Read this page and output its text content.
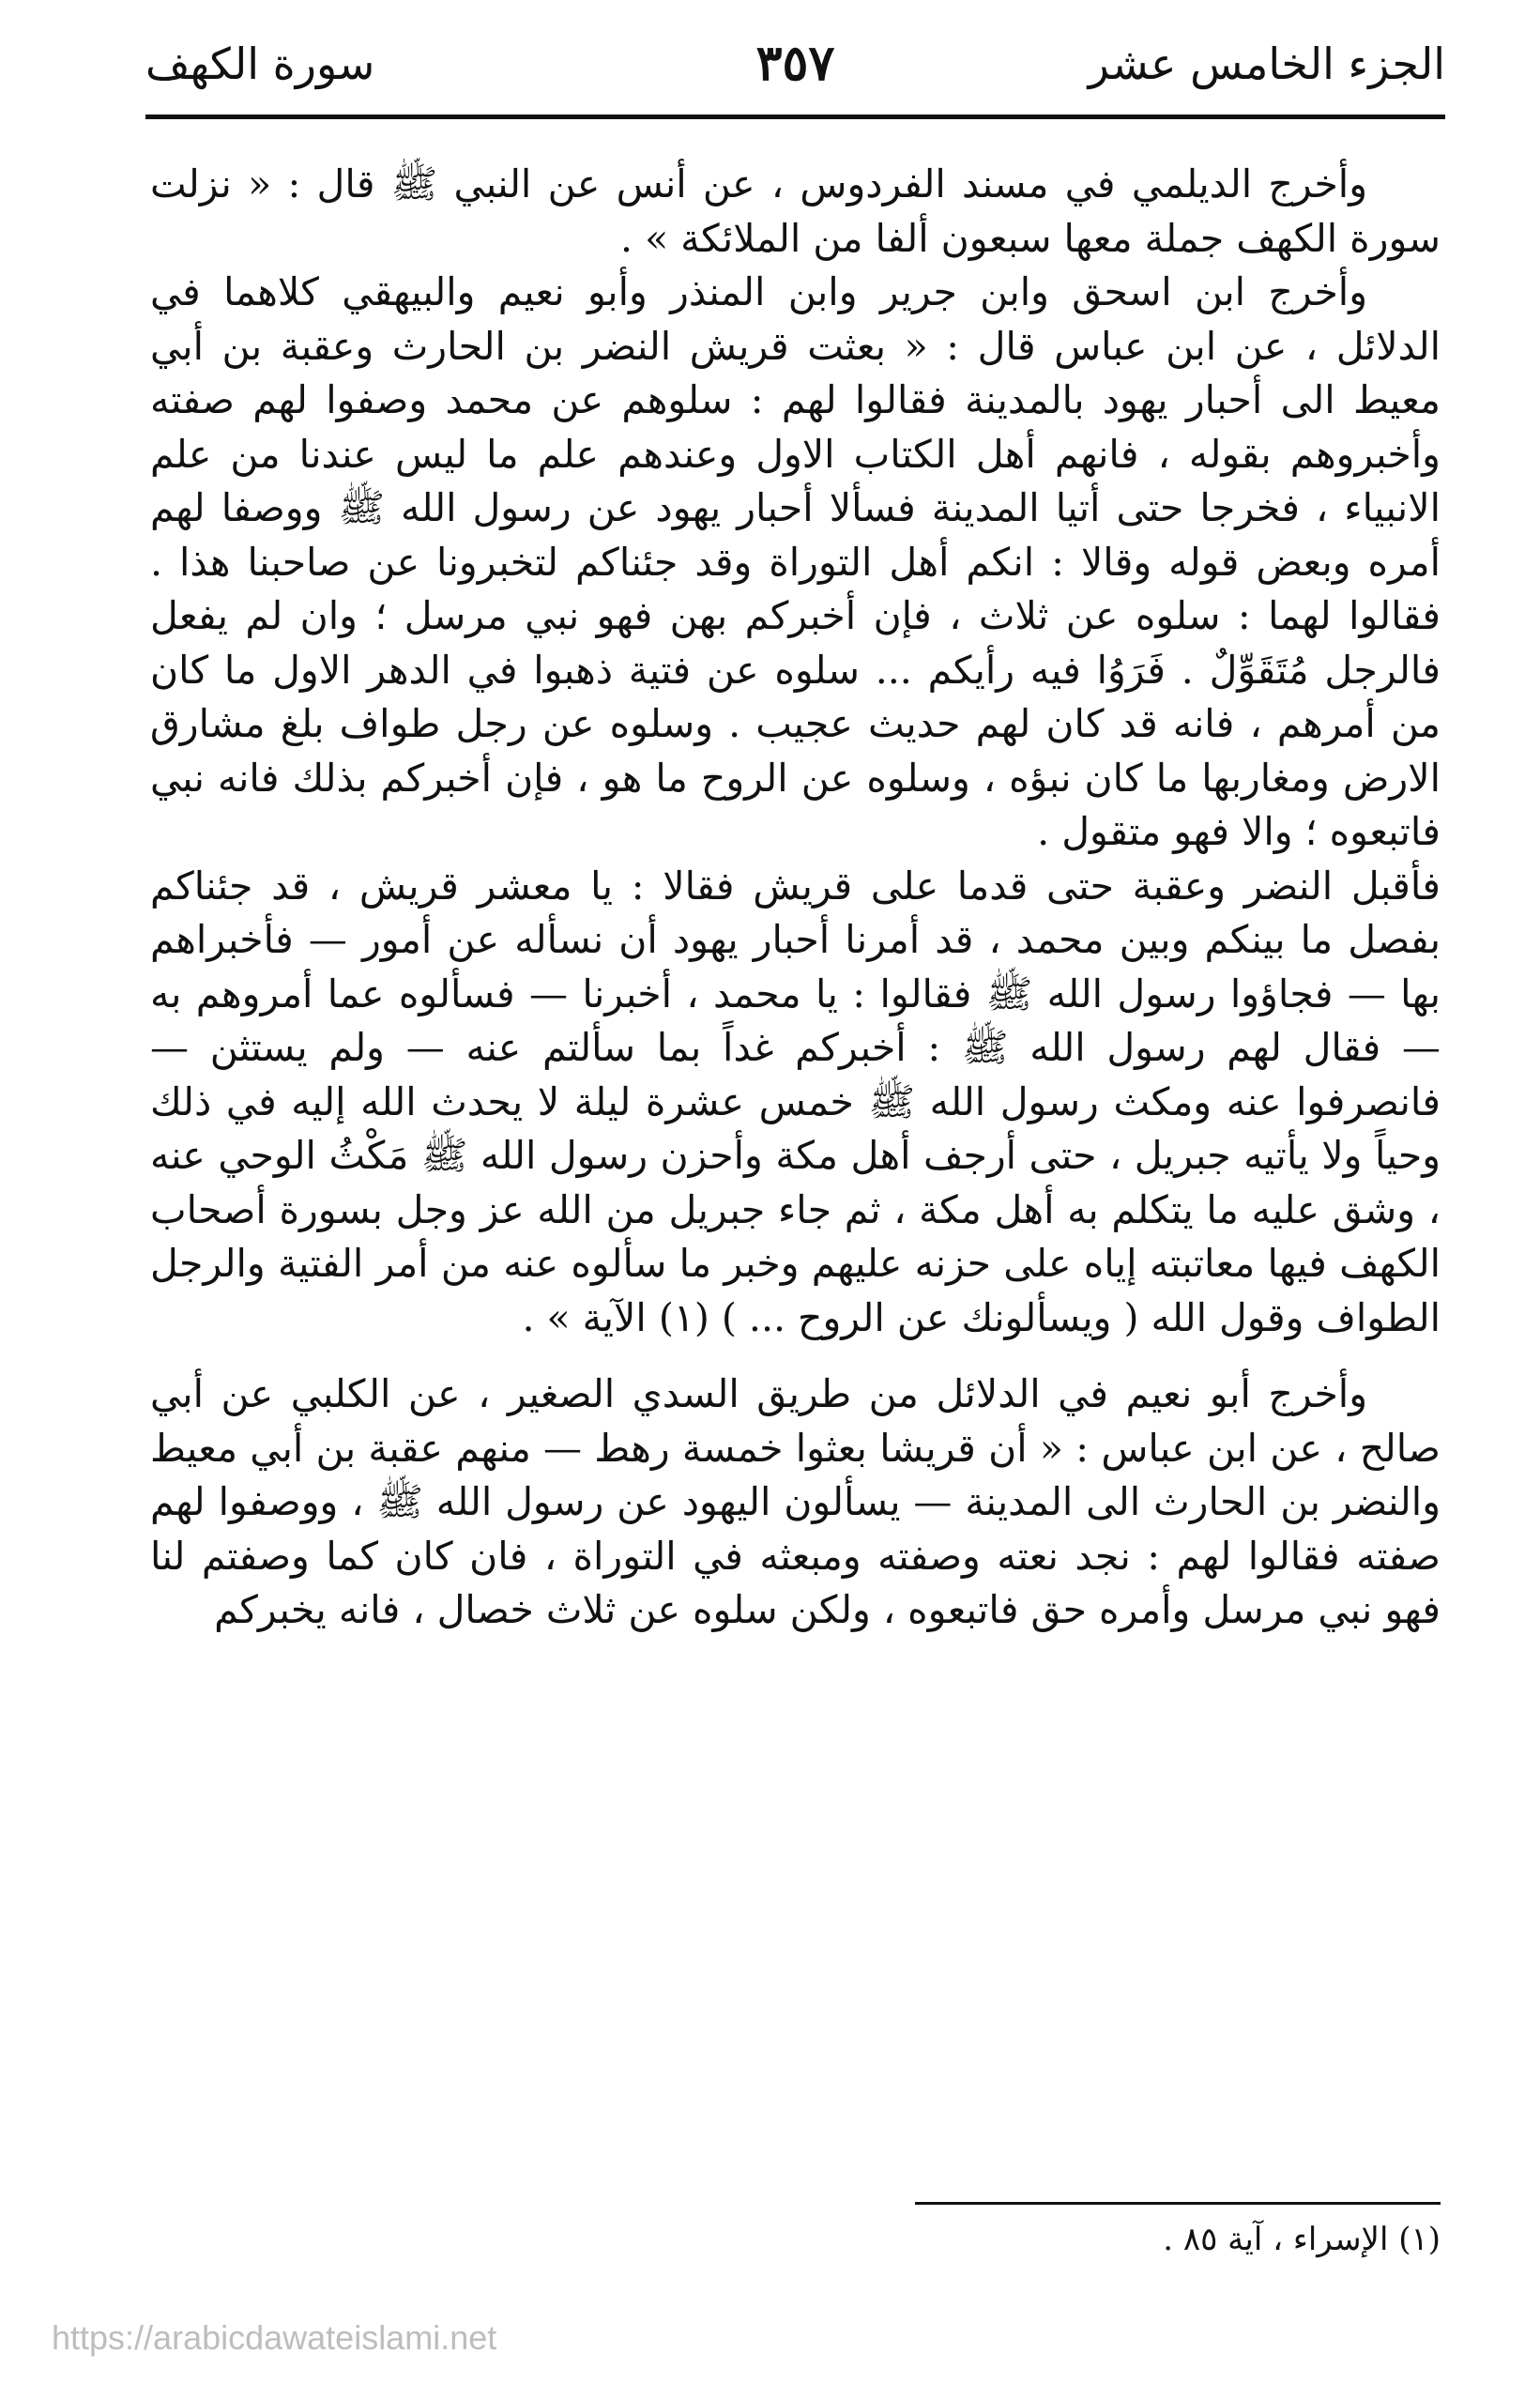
الجزء الخامس عشر
٣٥٧
سورة الكهف

وأخرج الديلمي في مسند الفردوس ، عن أنس عن النبي ﷺ قال : « نزلت سورة الكهف جملة معها سبعون ألفا من الملائكة » .

وأخرج ابن اسحق وابن جرير وابن المنذر وأبو نعيم والبيهقي كلاهما في الدلائل ، عن ابن عباس قال : « بعثت قريش النضر بن الحارث وعقبة بن أبي معيط الى أحبار يهود بالمدينة فقالوا لهم : سلوهم عن محمد وصفوا لهم صفته وأخبروهم بقوله ، فانهم أهل الكتاب الاول وعندهم علم ما ليس عندنا من علم الانبياء ، فخرجا حتى أتيا المدينة فسألا أحبار يهود عن رسول الله ﷺ ووصفا لهم أمره وبعض قوله وقالا : انكم أهل التوراة وقد جئناكم لتخبرونا عن صاحبنا هذا . فقالوا لهما : سلوه عن ثلاث ، فإن أخبركم بهن فهو نبي مرسل ؛ وان لم يفعل فالرجل مُتَقَوِّلٌ . فَرَوُا فيه رأيكم ... سلوه عن فتية ذهبوا في الدهر الاول ما كان من أمرهم ، فانه قد كان لهم حديث عجيب . وسلوه عن رجل طواف بلغ مشارق الارض ومغاربها ما كان نبؤه ، وسلوه عن الروح ما هو ، فإن أخبركم بذلك فانه نبي فاتبعوه ؛ والا فهو متقول .

فأقبل النضر وعقبة حتى قدما على قريش فقالا : يا معشر قريش ، قد جئناكم بفصل ما بينكم وبين محمد ، قد أمرنا أحبار يهود أن نسأله عن أمور — فأخبراهم بها — فجاؤوا رسول الله ﷺ فقالوا : يا محمد ، أخبرنا — فسألوه عما أمروهم به — فقال لهم رسول الله ﷺ : أخبركم غداً بما سألتم عنه — ولم يستثن — فانصرفوا عنه ومكث رسول الله ﷺ خمس عشرة ليلة لا يحدث الله إليه في ذلك وحياً ولا يأتيه جبريل ، حتى أرجف أهل مكة وأحزن رسول الله ﷺ مَكْثُ الوحي عنه ، وشق عليه ما يتكلم به أهل مكة ، ثم جاء جبريل من الله عز وجل بسورة أصحاب الكهف فيها معاتبته إياه على حزنه عليهم وخبر ما سألوه عنه من أمر الفتية والرجل الطواف وقول الله ( ويسألونك عن الروح ... ) (١) الآية » .

وأخرج أبو نعيم في الدلائل من طريق السدي الصغير ، عن الكلبي عن أبي صالح ، عن ابن عباس : « أن قريشا بعثوا خمسة رهط — منهم عقبة بن أبي معيط والنضر بن الحارث الى المدينة — يسألون اليهود عن رسول الله ﷺ ، ووصفوا لهم صفته فقالوا لهم : نجد نعته وصفته ومبعثه في التوراة ، فان كان كما وصفتم لنا فهو نبي مرسل وأمره حق فاتبعوه ، ولكن سلوه عن ثلاث خصال ، فانه يخبركم

(١) الإسراء ، آية ٨٥ .
https://arabicdawateislami.net
